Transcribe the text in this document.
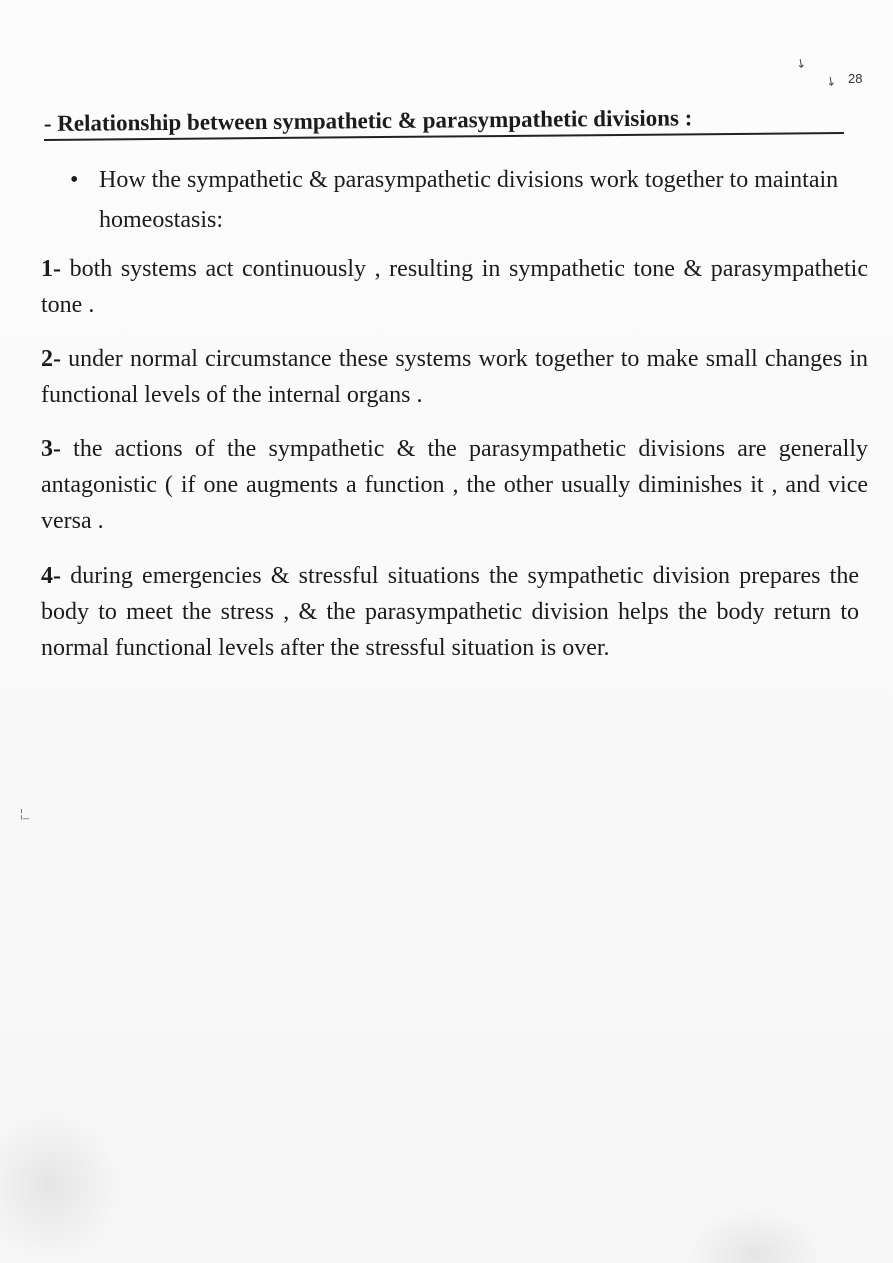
↘
↘ 28
- Relationship between sympathetic & parasympathetic divisions :
• How the sympathetic & parasympathetic divisions work together to maintain homeostasis:
1- both systems act continuously , resulting in sympathetic tone & parasympathetic tone .
2- under normal circumstance these systems work together to make small changes in functional levels of the internal organs .
3- the actions of the sympathetic & the parasympathetic divisions are generally antagonistic ( if one augments a function , the other usually diminishes it , and vice versa .
4- during emergencies & stressful situations the sympathetic division prepares the body to meet the stress , & the parasympathetic division helps the body return to normal functional levels after the stressful situation is over.
¦_
